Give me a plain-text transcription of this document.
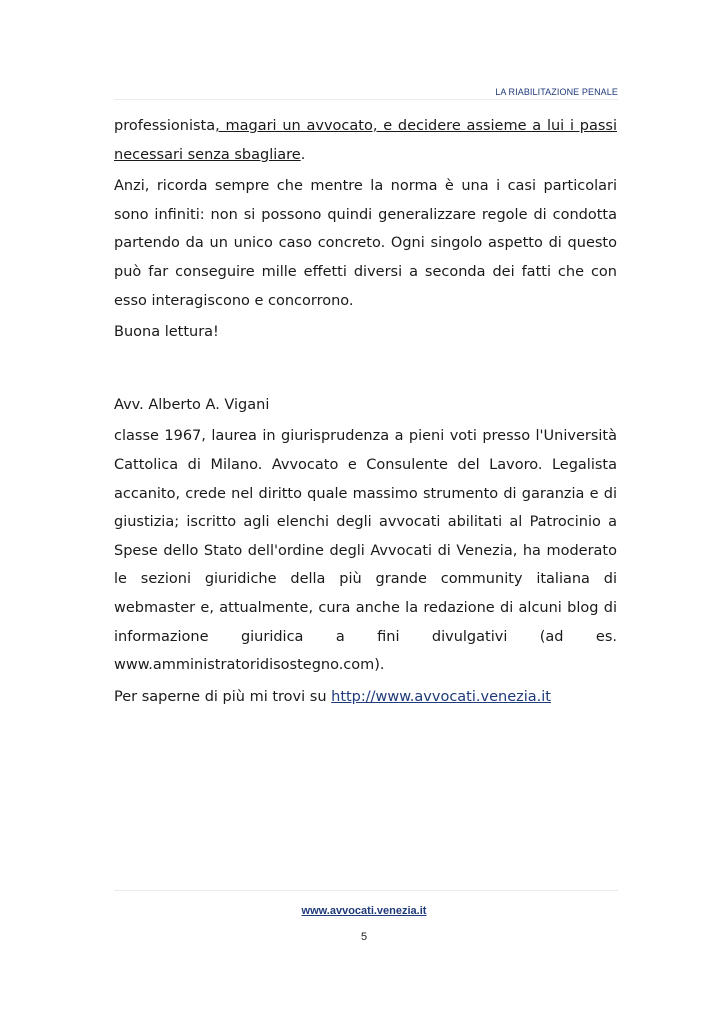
LA RIABILITAZIONE PENALE

professionista, magari un avvocato, e decidere assieme a lui i passi necessari senza sbagliare.

Anzi, ricorda sempre che mentre la norma è una i casi particolari sono infiniti: non si possono quindi generalizzare regole di condotta partendo da un unico caso concreto. Ogni singolo aspetto di questo può far conseguire mille effetti diversi a seconda dei fatti che con esso interagiscono e concorrono.

Buona lettura!

Avv. Alberto A. Vigani

classe 1967, laurea in giurisprudenza a pieni voti presso l'Università Cattolica di Milano. Avvocato e Consulente del Lavoro. Legalista accanito, crede nel diritto quale massimo strumento di garanzia e di giustizia; iscritto agli elenchi degli avvocati abilitati al Patrocinio a Spese dello Stato dell'ordine degli Avvocati di Venezia, ha moderato le sezioni giuridiche della più grande community italiana di webmaster e, attualmente, cura anche la redazione di alcuni blog di informazione giuridica a fini divulgativi (ad es. www.amministratoridisostegno.com).

Per saperne di più mi trovi su http://www.avvocati.venezia.it

www.avvocati.venezia.it
5
